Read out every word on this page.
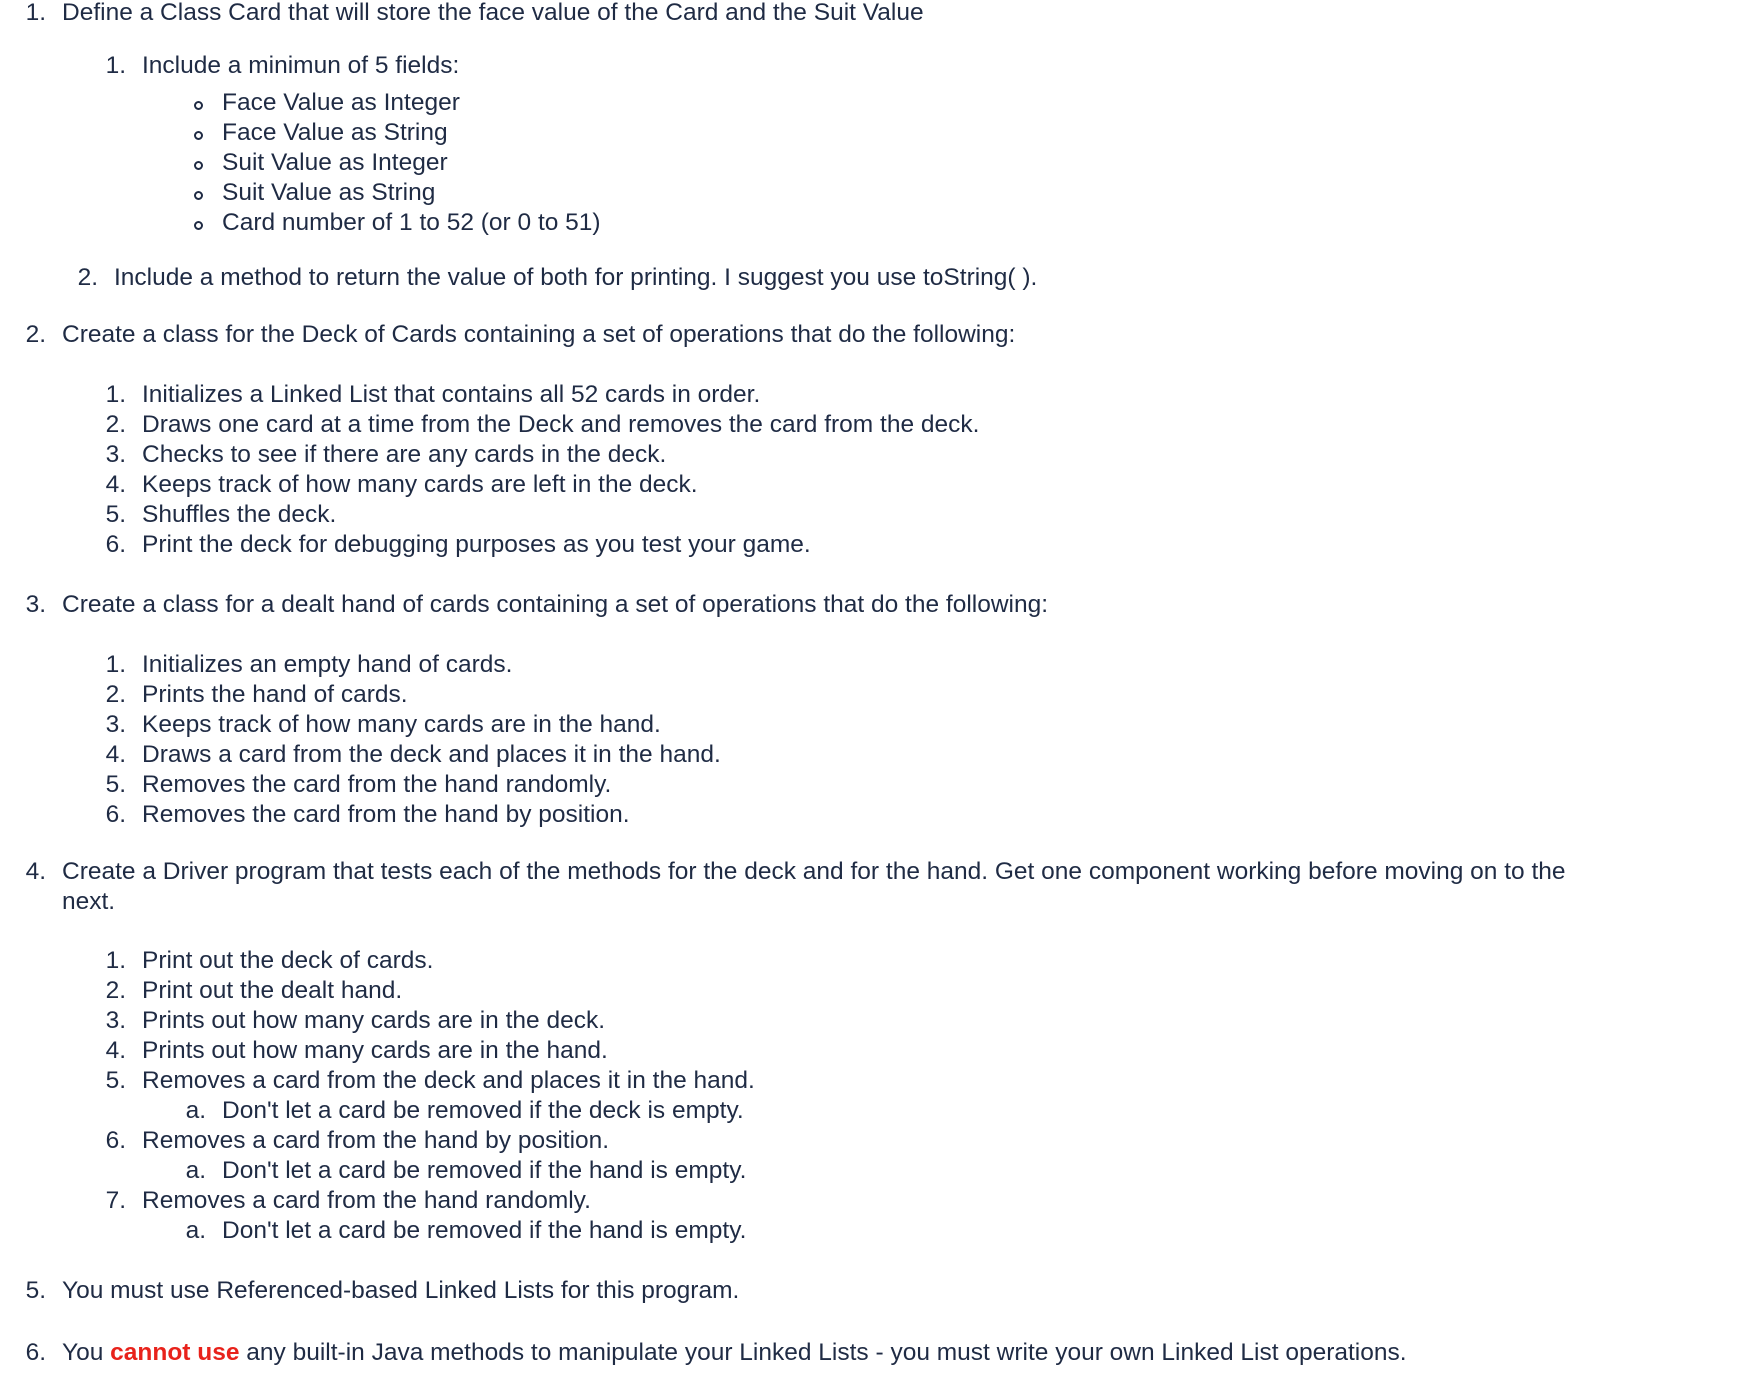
1. Define a Class Card that will store the face value of the Card and the Suit Value
1. Include a minimun of 5 fields:
Face Value as Integer
Face Value as String
Suit Value as Integer
Suit Value as String
Card number of 1 to 52 (or 0 to 51)
2. Include a method to return the value of both for printing. I suggest you use toString( ).
2. Create a class for the Deck of Cards containing a set of operations that do the following:
1. Initializes a Linked List that contains all 52 cards in order.
2. Draws one card at a time from the Deck and removes the card from the deck.
3. Checks to see if there are any cards in the deck.
4. Keeps track of how many cards are left in the deck.
5. Shuffles the deck.
6. Print the deck for debugging purposes as you test your game.
3. Create a class for a dealt hand of cards containing a set of operations that do the following:
1. Initializes an empty hand of cards.
2. Prints the hand of cards.
3. Keeps track of how many cards are in the hand.
4. Draws a card from the deck and places it in the hand.
5. Removes the card from the hand randomly.
6. Removes the card from the hand by position.
4. Create a Driver program that tests each of the methods for the deck and for the hand. Get one component working before moving on to the
next.
1. Print out the deck of cards.
2. Print out the dealt hand.
3. Prints out how many cards are in the deck.
4. Prints out how many cards are in the hand.
5. Removes a card from the deck and places it in the hand.
a. Don't let a card be removed if the deck is empty.
6. Removes a card from the hand by position.
a. Don't let a card be removed if the hand is empty.
7. Removes a card from the hand randomly.
a. Don't let a card be removed if the hand is empty.
5. You must use Referenced-based Linked Lists for this program.
6. You cannot use any built-in Java methods to manipulate your Linked Lists - you must write your own Linked List operations.
